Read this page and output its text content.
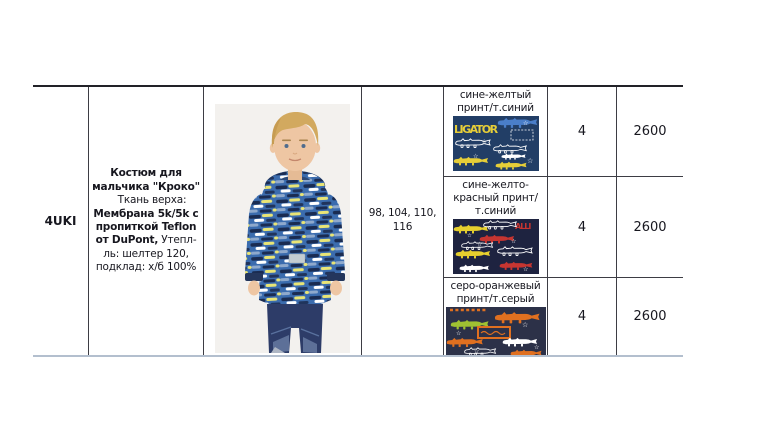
4UKI
Костюм для мальчика "Кроко" Ткань верха: Мембрана 5k/5k с пропиткой Teflon от DuPont, Утепл-ль: шелтер 120, подклад: х/б 100%
98, 104, 110, 116
сине-желтый принт/т.синий
LIGATOR
☆
☆
☆
☆
4	2600
сине-желто-красный принт/т.синий
ALLI
☆	☆
☆
☆
4	2600
серо-оранжевый принт/т.серый
☆
☆
☆
☆
4	2600
